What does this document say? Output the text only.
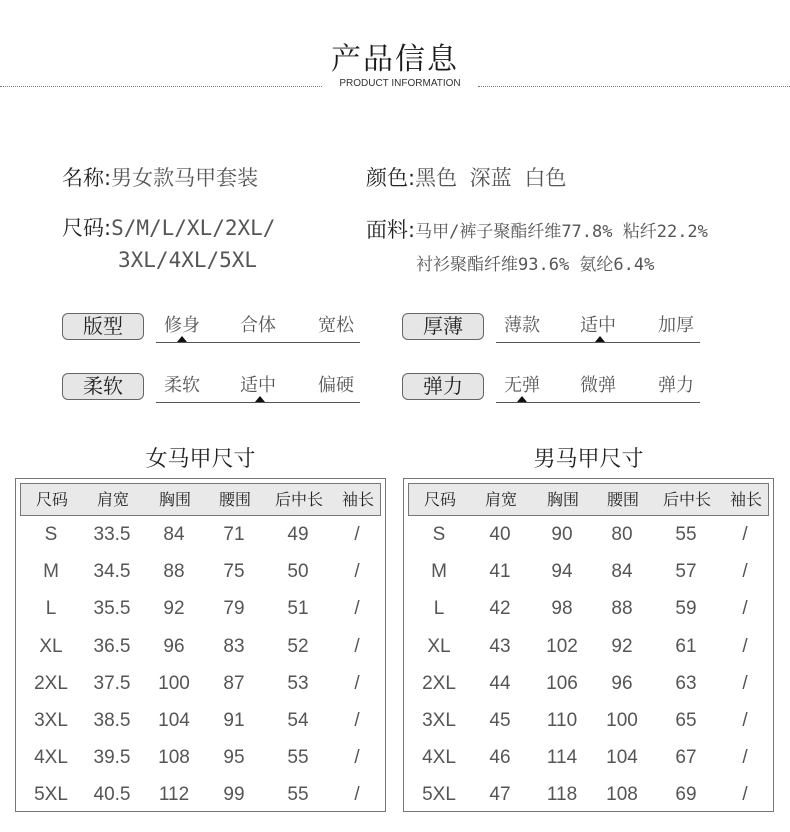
产品信息
PRODUCT INFORMATION
名称:男女款马甲套装	颜色:黑色 深蓝 白色
尺码:S/M/L/XL/2XL/
3XL/4XL/5XL
面料:马甲/裤子聚酯纤维77.8% 粘纤22.2%
衬衫聚酯纤维93.6% 氨纶6.4%
版型	修身 合体 宽松	厚薄	薄款 适中 加厚
柔软	柔软 适中 偏硬	弹力	无弹 微弹 弹力
女马甲尺寸	男马甲尺寸
尺码	肩宽	胸围	腰围	后中长	袖长
S	33.5	84	71	49	/
M	34.5	88	75	50	/
L	35.5	92	79	51	/
XL	36.5	96	83	52	/
2XL	37.5	100	87	53	/
3XL	38.5	104	91	54	/
4XL	39.5	108	95	55	/
5XL	40.5	112	99	55	/
尺码	肩宽	胸围	腰围	后中长	袖长
S	40	90	80	55	/
M	41	94	84	57	/
L	42	98	88	59	/
XL	43	102	92	61	/
2XL	44	106	96	63	/
3XL	45	110	100	65	/
4XL	46	114	104	67	/
5XL	47	118	108	69	/
